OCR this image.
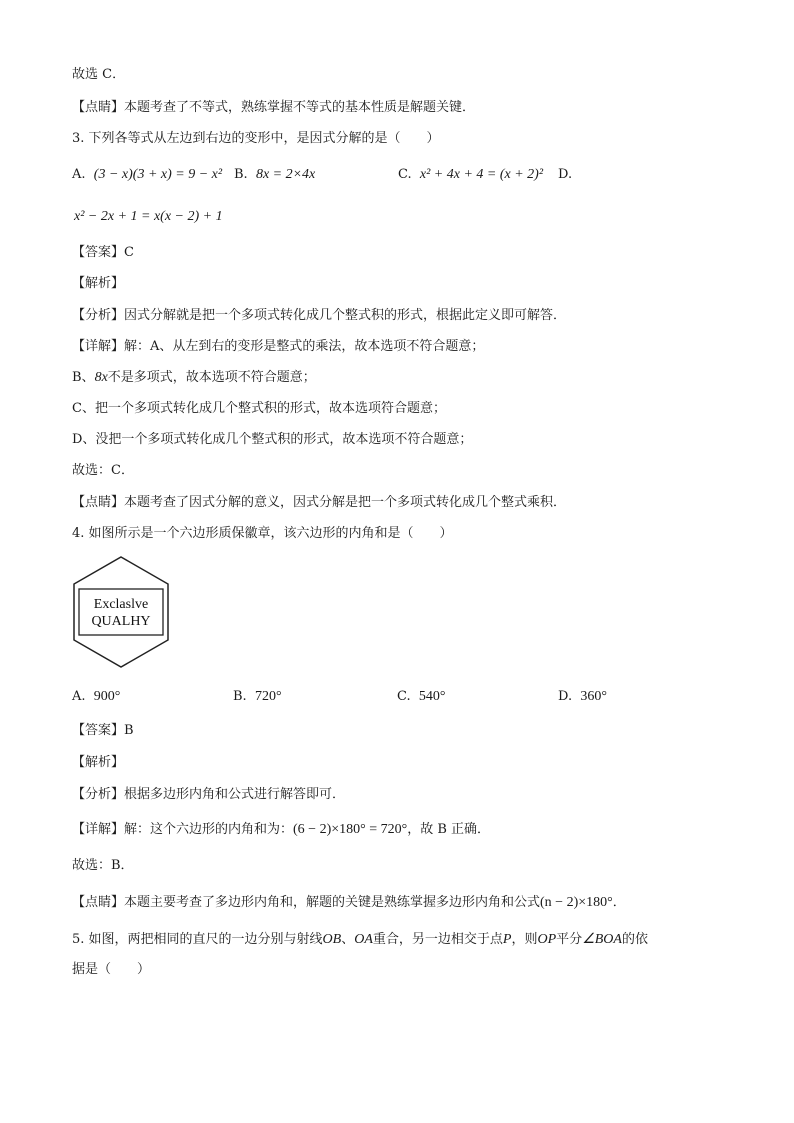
故选 C．
【点睛】本题考查了不等式，熟练掌握不等式的基本性质是解题关键．
3. 下列各等式从左边到右边的变形中，是因式分解的是（　　）
A. (3 − x)(3 + x) = 9 − x² B. 8x = 2×4x	C. x² + 4x + 4 = (x + 2)² D.
x² − 2x + 1 = x(x − 2) + 1
【答案】C
【解析】
【分析】因式分解就是把一个多项式转化成几个整式积的形式，根据此定义即可解答．
【详解】解：A、从左到右的变形是整式的乘法，故本选项不符合题意；
B、8x不是多项式，故本选项不符合题意；
C、把一个多项式转化成几个整式积的形式，故本选项符合题意；
D、没把一个多项式转化成几个整式积的形式，故本选项不符合题意；
故选：C．
【点睛】本题考查了因式分解的意义，因式分解是把一个多项式转化成几个整式乘积．
4. 如图所示是一个六边形质保徽章，该六边形的内角和是（　　）
Exclaslve
QUALHY
A. 900°	B. 720°	C. 540°	D. 360°
【答案】B
【解析】
【分析】根据多边形内角和公式进行解答即可．
【详解】解：这个六边形的内角和为：(6 − 2)×180° = 720°，故 B 正确．
故选：B．
【点睛】本题主要考查了多边形内角和，解题的关键是熟练掌握多边形内角和公式(n − 2)×180°．
5. 如图，两把相同的直尺的一边分别与射线OB、OA重合，另一边相交于点P，则OP平分∠BOA的依
据是（　　）
